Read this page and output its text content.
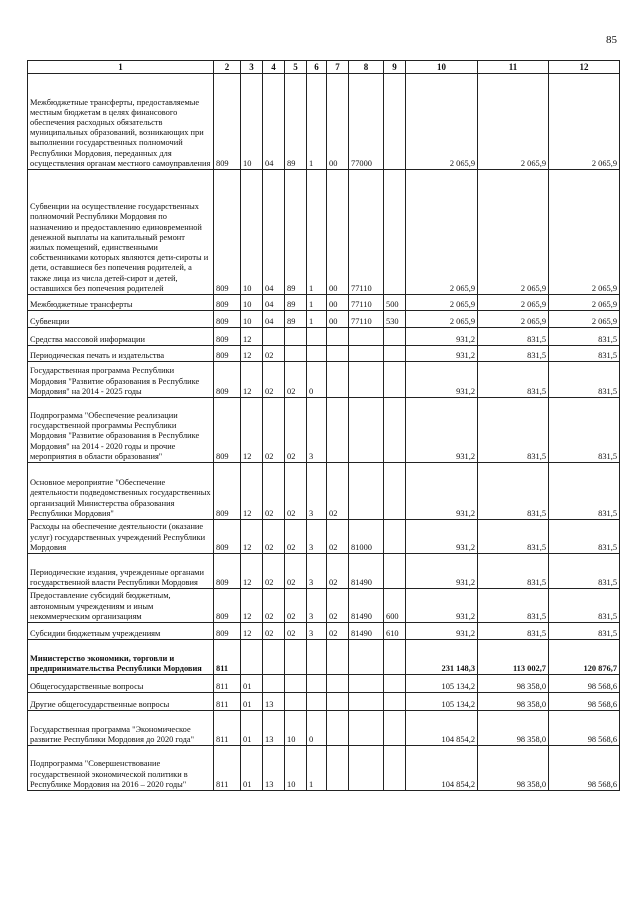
85
1	2	3	4	5	6	7	8	9	10	11	12
Межбюджетные трансферты, предоставляемые местным бюджетам в целях финансового обеспечения расходных обязательств муниципальных образований, возникающих при выполнении государственных полномочий Республики Мордовия, переданных для осуществления органам местного самоуправления	809	10	04	89	1	00	77000		2 065,9	2 065,9	2 065,9
Субвенции на осуществление государственных полномочий Республики Мордовия по назначению и предоставлению единовременной денежной выплаты на капитальный ремонт жилых помещений, единственными собственниками которых являются дети-сироты и дети, оставшиеся без попечения родителей, а также лица из числа детей-сирот и детей, оставшихся без попечения родителей	809	10	04	89	1	00	77110		2 065,9	2 065,9	2 065,9
Межбюджетные трансферты	809	10	04	89	1	00	77110	500	2 065,9	2 065,9	2 065,9
Субвенции	809	10	04	89	1	00	77110	530	2 065,9	2 065,9	2 065,9
Средства массовой информации	809	12							931,2	831,5	831,5
Периодическая печать и издательства	809	12	02						931,2	831,5	831,5
Государственная программа Республики Мордовия "Развитие образования в Республике Мордовия" на 2014 - 2025 годы	809	12	02	02	0				931,2	831,5	831,5
Подпрограмма "Обеспечение реализации государственной программы Республики Мордовия "Развитие образования в Республике Мордовия" на 2014 - 2020 годы и прочие мероприятия в области образования"	809	12	02	02	3				931,2	831,5	831,5
Основное мероприятие "Обеспечение деятельности подведомственных государственных организаций Министерства образования Республики Мордовия"	809	12	02	02	3	02			931,2	831,5	831,5
Расходы на обеспечение деятельности (оказание услуг) государственных учреждений Республики Мордовия	809	12	02	02	3	02	81000		931,2	831,5	831,5
Периодические издания, учрежденные органами государственной власти Республики Мордовия	809	12	02	02	3	02	81490		931,2	831,5	831,5
Предоставление субсидий бюджетным, автономным учреждениям и иным некоммерческим организациям	809	12	02	02	3	02	81490	600	931,2	831,5	831,5
Субсидии бюджетным учреждениям	809	12	02	02	3	02	81490	610	931,2	831,5	831,5
Министерство экономики, торговли и предпринимательства Республики Мордовия	811								231 148,3	113 002,7	120 876,7
Общегосударственные вопросы	811	01							105 134,2	98 358,0	98 568,6
Другие общегосударственные вопросы	811	01	13						105 134,2	98 358,0	98 568,6
Государственная программа "Экономическое развитие Республики Мордовия до 2020 года"	811	01	13	10	0				104 854,2	98 358,0	98 568,6
Подпрограмма "Совершенствование государственной экономической политики в Республике Мордовия на 2016 – 2020 годы"	811	01	13	10	1				104 854,2	98 358,0	98 568,6
